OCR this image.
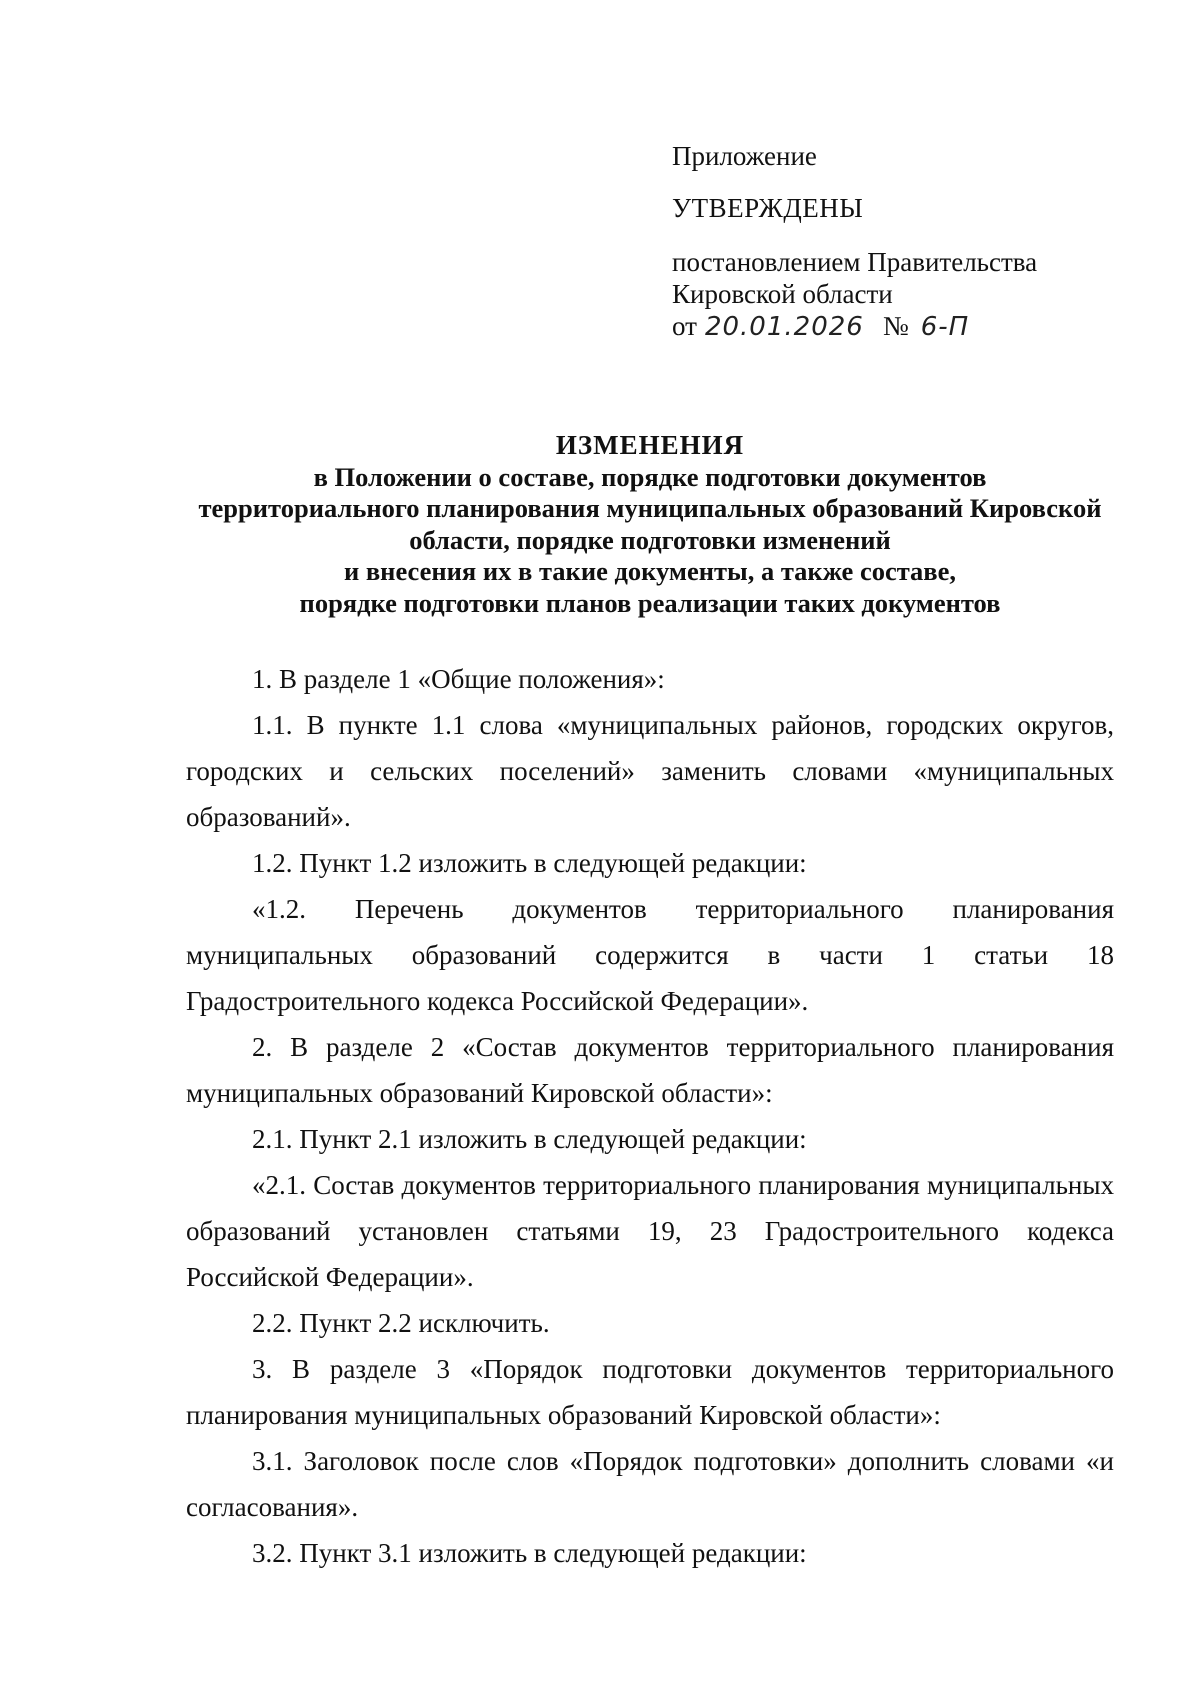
Приложение
УТВЕРЖДЕНЫ
постановлением Правительства
Кировской области
от 20.01.2026 № 6-П
ИЗМЕНЕНИЯ
в Положении о составе, порядке подготовки документов
территориального планирования муниципальных образований Кировской
области, порядке подготовки изменений
и внесения их в такие документы, а также составе,
порядке подготовки планов реализации таких документов

1. В разделе 1 «Общие положения»:

1.1. В пункте 1.1 слова «муниципальных районов, городских округов, городских и сельских поселений» заменить словами «муниципальных образований».

1.2. Пункт 1.2 изложить в следующей редакции:

«1.2. Перечень документов территориального планирования муниципальных образований содержится в части 1 статьи 18 Градостроительного кодекса Российской Федерации».

2. В разделе 2 «Состав документов территориального планирования муниципальных образований Кировской области»:

2.1. Пункт 2.1 изложить в следующей редакции:

«2.1. Состав документов территориального планирования муниципальных образований установлен статьями 19, 23 Градостроительного кодекса Российской Федерации».

2.2. Пункт 2.2 исключить.

3. В разделе 3 «Порядок подготовки документов территориального планирования муниципальных образований Кировской области»:

3.1. Заголовок после слов «Порядок подготовки» дополнить словами «и согласования».

3.2. Пункт 3.1 изложить в следующей редакции:
